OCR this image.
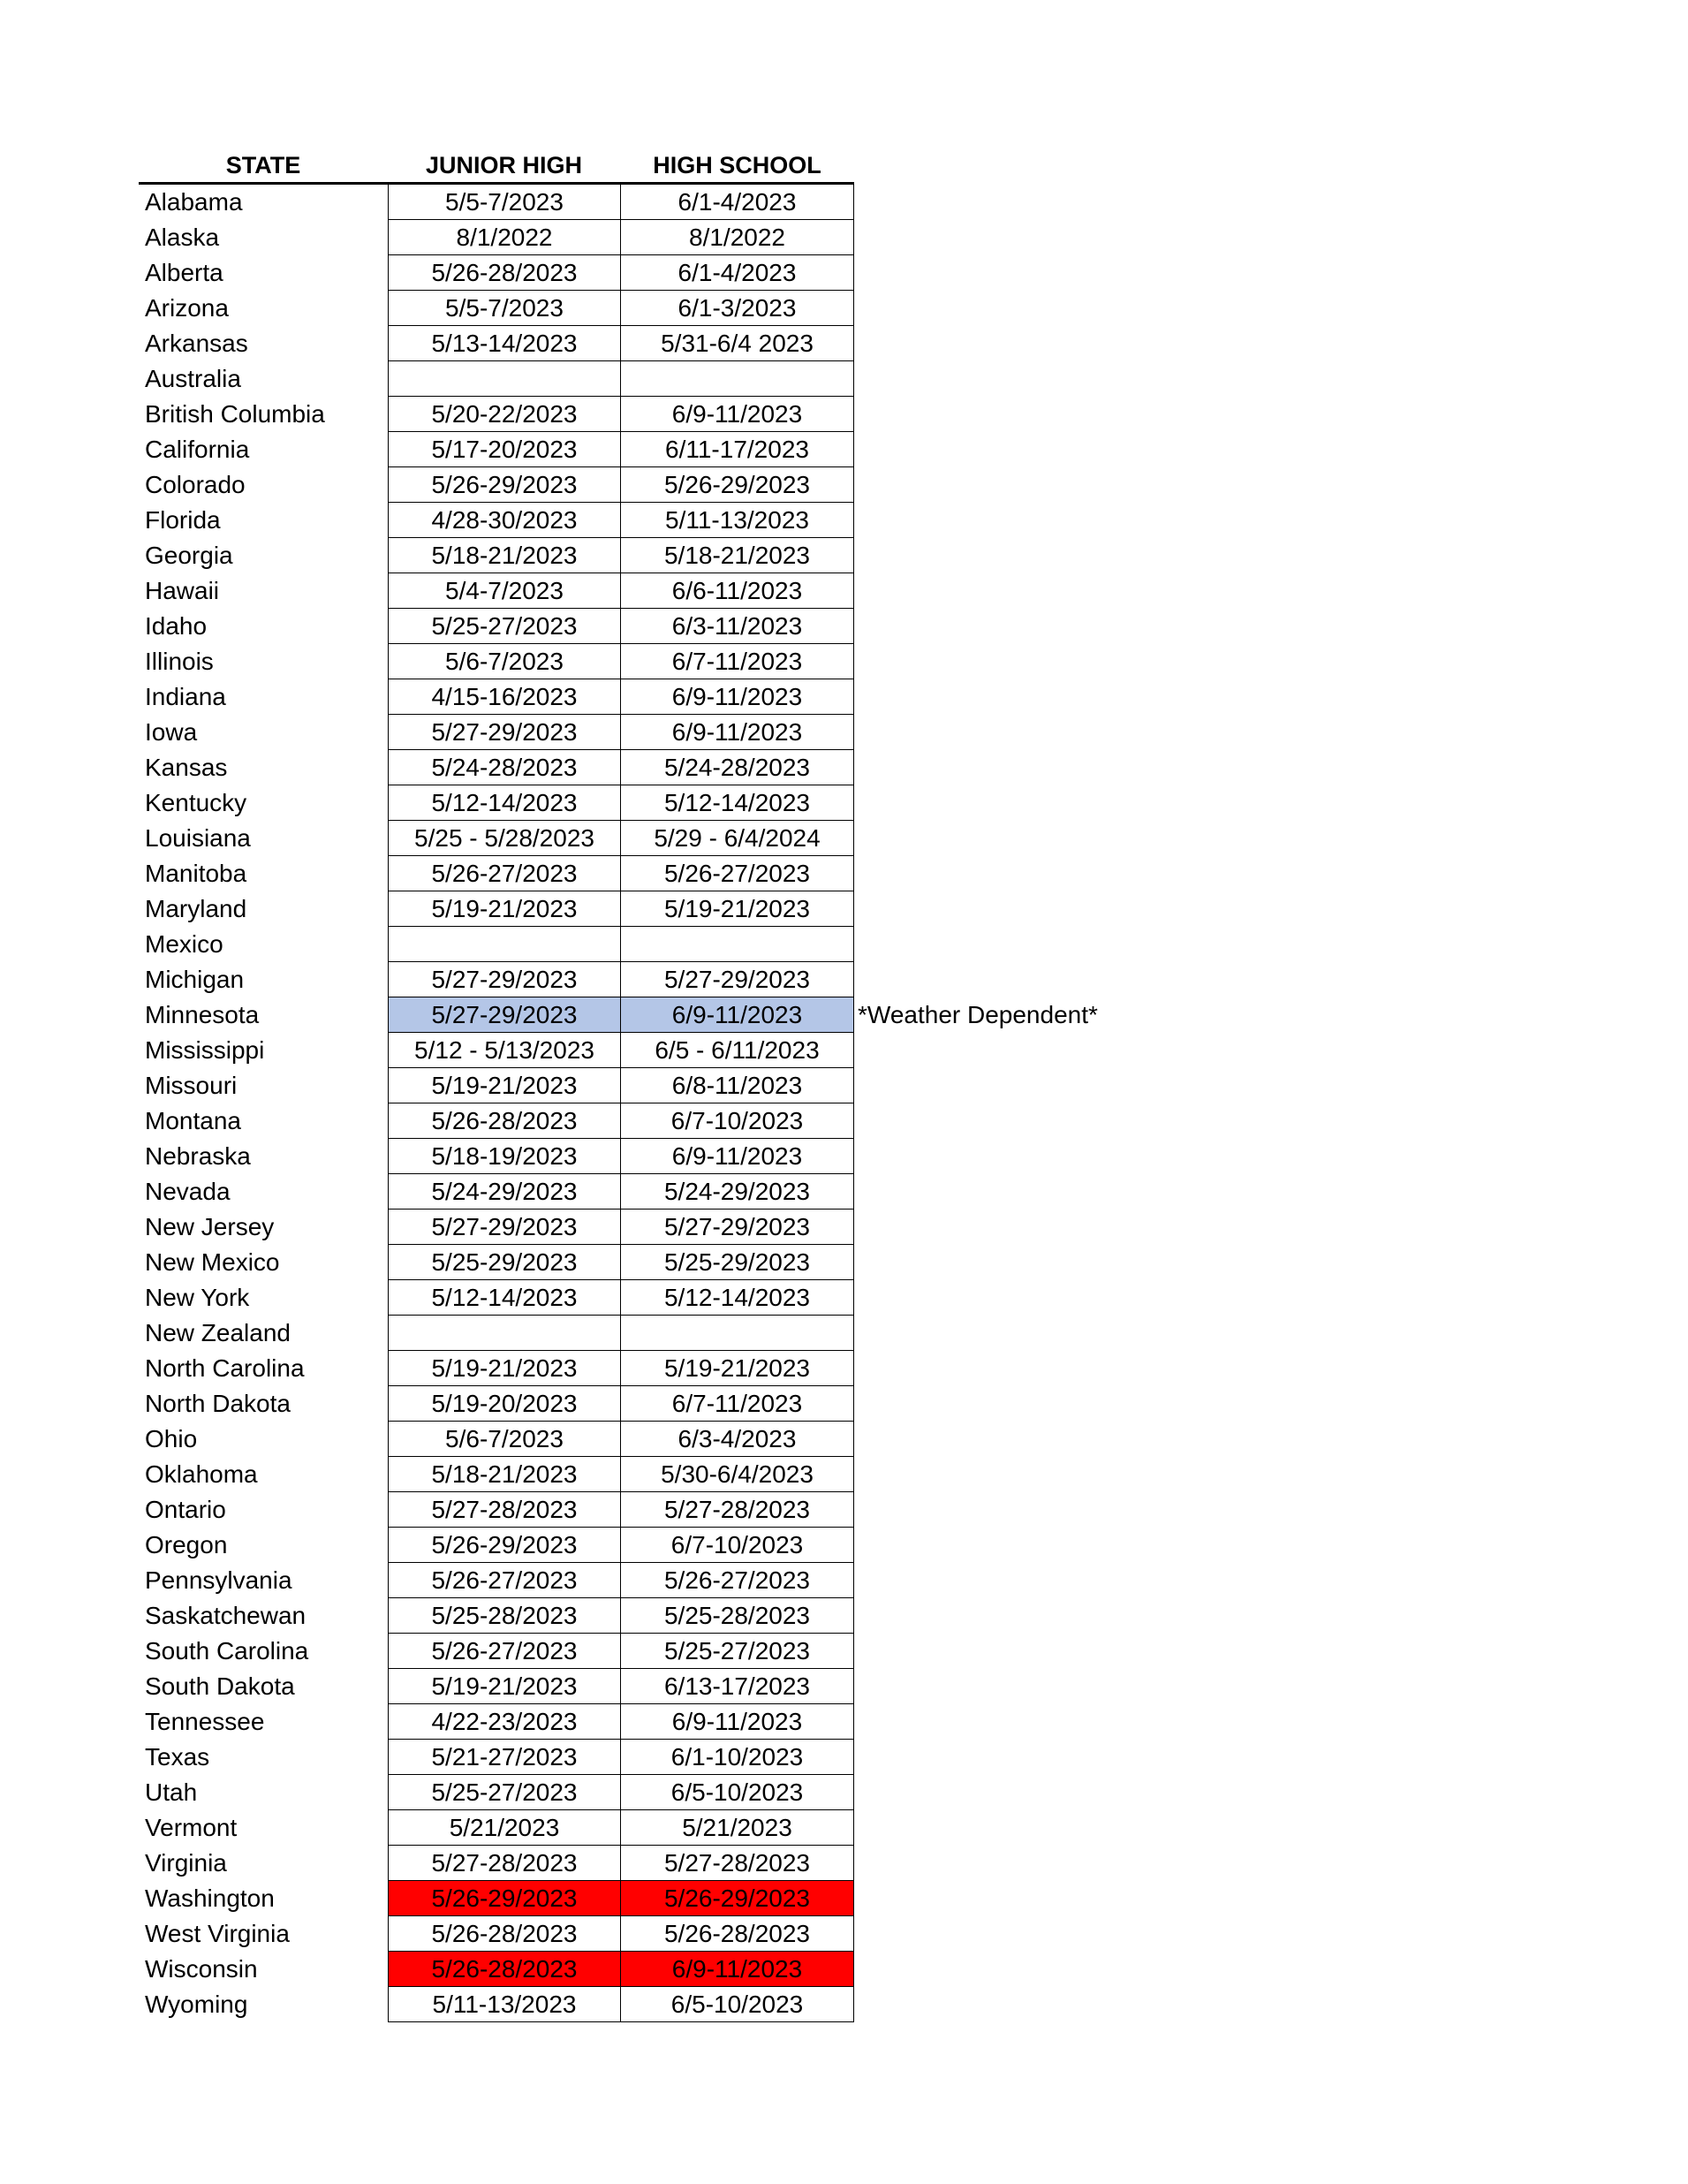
STATE	JUNIOR HIGH	HIGH SCHOOL
Alabama	5/5-7/2023	6/1-4/2023
Alaska	8/1/2022	8/1/2022
Alberta	5/26-28/2023	6/1-4/2023
Arizona	5/5-7/2023	6/1-3/2023
Arkansas	5/13-14/2023	5/31-6/4 2023
Australia
British Columbia	5/20-22/2023	6/9-11/2023
California	5/17-20/2023	6/11-17/2023
Colorado	5/26-29/2023	5/26-29/2023
Florida	4/28-30/2023	5/11-13/2023
Georgia	5/18-21/2023	5/18-21/2023
Hawaii	5/4-7/2023	6/6-11/2023
Idaho	5/25-27/2023	6/3-11/2023
Illinois	5/6-7/2023	6/7-11/2023
Indiana	4/15-16/2023	6/9-11/2023
Iowa	5/27-29/2023	6/9-11/2023
Kansas	5/24-28/2023	5/24-28/2023
Kentucky	5/12-14/2023	5/12-14/2023
Louisiana	5/25 - 5/28/2023	5/29 - 6/4/2024
Manitoba	5/26-27/2023	5/26-27/2023
Maryland	5/19-21/2023	5/19-21/2023
Mexico
Michigan	5/27-29/2023	5/27-29/2023
Minnesota	5/27-29/2023	6/9-11/2023	*Weather Dependent*
Mississippi	5/12 - 5/13/2023	6/5 - 6/11/2023
Missouri	5/19-21/2023	6/8-11/2023
Montana	5/26-28/2023	6/7-10/2023
Nebraska	5/18-19/2023	6/9-11/2023
Nevada	5/24-29/2023	5/24-29/2023
New Jersey	5/27-29/2023	5/27-29/2023
New Mexico	5/25-29/2023	5/25-29/2023
New York	5/12-14/2023	5/12-14/2023
New Zealand
North Carolina	5/19-21/2023	5/19-21/2023
North Dakota	5/19-20/2023	6/7-11/2023
Ohio	5/6-7/2023	6/3-4/2023
Oklahoma	5/18-21/2023	5/30-6/4/2023
Ontario	5/27-28/2023	5/27-28/2023
Oregon	5/26-29/2023	6/7-10/2023
Pennsylvania	5/26-27/2023	5/26-27/2023
Saskatchewan	5/25-28/2023	5/25-28/2023
South Carolina	5/26-27/2023	5/25-27/2023
South Dakota	5/19-21/2023	6/13-17/2023
Tennessee	4/22-23/2023	6/9-11/2023
Texas	5/21-27/2023	6/1-10/2023
Utah	5/25-27/2023	6/5-10/2023
Vermont	5/21/2023	5/21/2023
Virginia	5/27-28/2023	5/27-28/2023
Washington	5/26-29/2023	5/26-29/2023
West Virginia	5/26-28/2023	5/26-28/2023
Wisconsin	5/26-28/2023	6/9-11/2023
Wyoming	5/11-13/2023	6/5-10/2023
